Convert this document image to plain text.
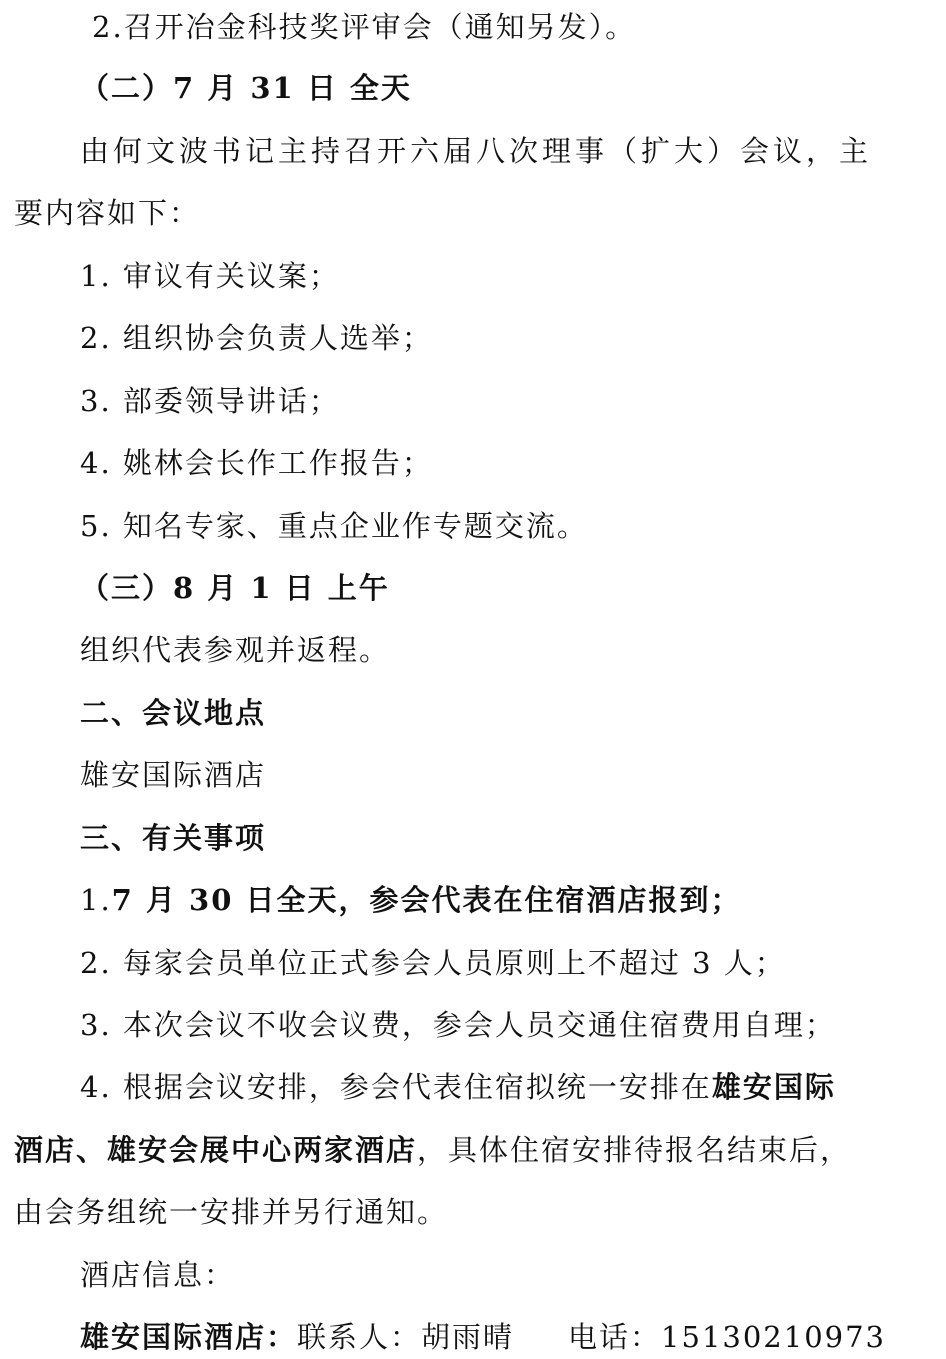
2.召开冶金科技奖评审会（通知另发）。
（二）7 月 31 日 全天
由何文波书记主持召开六届八次理事（扩大）会议，主
要内容如下：
1. 审议有关议案；
2. 组织协会负责人选举；
3. 部委领导讲话；
4. 姚林会长作工作报告；
5. 知名专家、重点企业作专题交流。
（三）8 月 1 日 上午
组织代表参观并返程。
二、会议地点
雄安国际酒店
三、有关事项
1.7 月 30 日全天，参会代表在住宿酒店报到；
2. 每家会员单位正式参会人员原则上不超过 3 人；
3. 本次会议不收会议费，参会人员交通住宿费用自理；
4. 根据会议安排，参会代表住宿拟统一安排在雄安国际
酒店、雄安会展中心两家酒店，具体住宿安排待报名结束后，
由会务组统一安排并另行通知。
酒店信息：
雄安国际酒店：联系人：胡雨晴 电话：15130210973
